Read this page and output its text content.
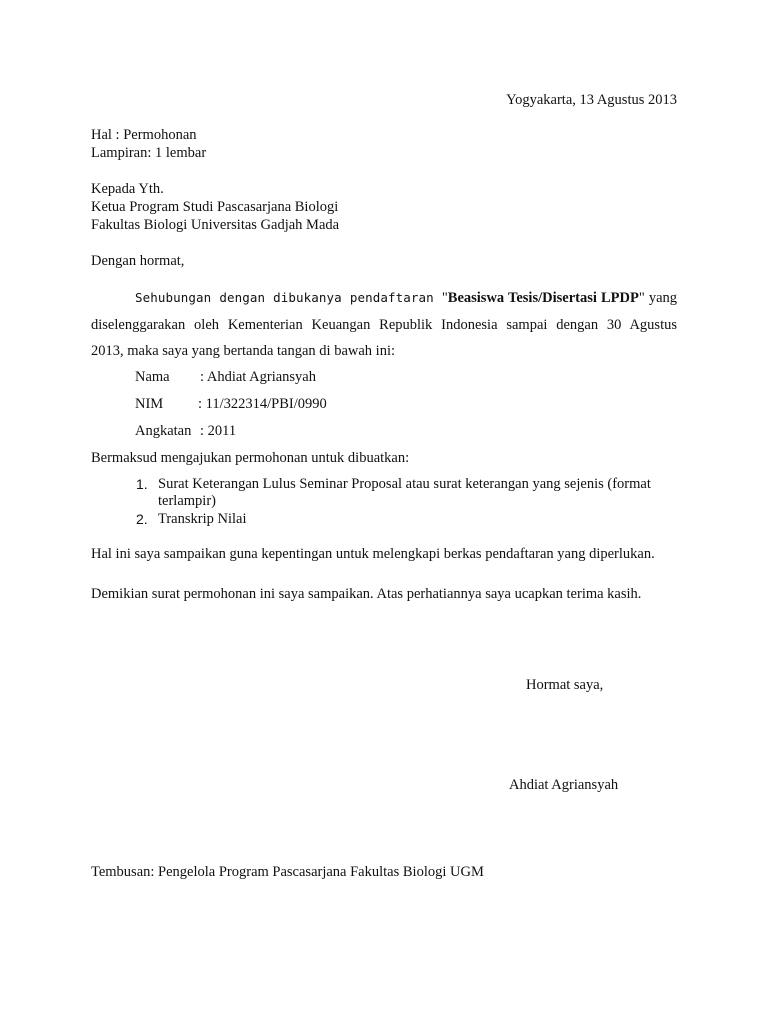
Yogyakarta, 13 Agustus 2013
Hal : Permohonan
Lampiran: 1 lembar
Kepada Yth.
Ketua Program Studi Pascasarjana Biologi
Fakultas Biologi Universitas Gadjah Mada
Dengan hormat,
Sehubungan dengan dibukanya pendaftaran "Beasiswa Tesis/Disertasi LPDP" yang
diselenggarakan oleh Kementerian Keuangan Republik Indonesia sampai dengan 30 Agustus
2013, maka saya yang bertanda tangan di bawah ini:
Nama : Ahdiat Agriansyah
NIM : 11/322314/PBI/0990
Angkatan : 2011
Bermaksud mengajukan permohonan untuk dibuatkan:
1. Surat Keterangan Lulus Seminar Proposal atau surat keterangan yang sejenis (format
terlampir)
2. Transkrip Nilai
Hal ini saya sampaikan guna kepentingan untuk melengkapi berkas pendaftaran yang diperlukan.
Demikian surat permohonan ini saya sampaikan. Atas perhatiannya saya ucapkan terima kasih.
Hormat saya,
Ahdiat Agriansyah
Tembusan: Pengelola Program Pascasarjana Fakultas Biologi UGM
